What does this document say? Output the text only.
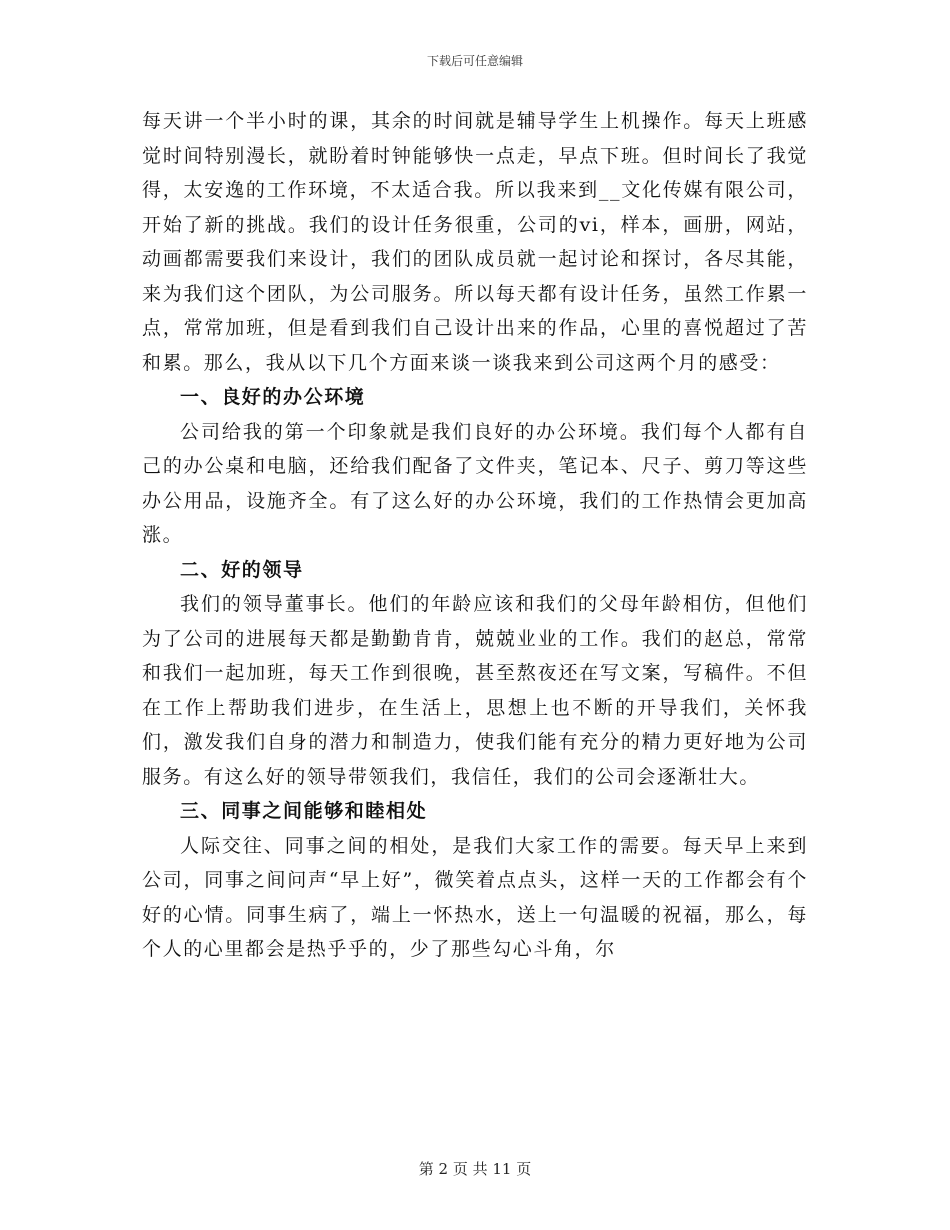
下载后可任意编辑

每天讲一个半小时的课，其余的时间就是辅导学生上机操作。每天上班感觉时间特别漫长，就盼着时钟能够快一点走，早点下班。但时间长了我觉得，太安逸的工作环境，不太适合我。所以我来到__文化传媒有限公司，开始了新的挑战。我们的设计任务很重，公司的vi，样本，画册，网站，动画都需要我们来设计，我们的团队成员就一起讨论和探讨，各尽其能，来为我们这个团队，为公司服务。所以每天都有设计任务，虽然工作累一点，常常加班，但是看到我们自己设计出来的作品，心里的喜悦超过了苦和累。那么，我从以下几个方面来谈一谈我来到公司这两个月的感受：

一、良好的办公环境

公司给我的第一个印象就是我们良好的办公环境。我们每个人都有自己的办公桌和电脑，还给我们配备了文件夹，笔记本、尺子、剪刀等这些办公用品，设施齐全。有了这么好的办公环境，我们的工作热情会更加高涨。

二、好的领导

我们的领导董事长。他们的年龄应该和我们的父母年龄相仿，但他们为了公司的进展每天都是勤勤肯肯，兢兢业业的工作。我们的赵总，常常和我们一起加班，每天工作到很晚，甚至熬夜还在写文案，写稿件。不但在工作上帮助我们进步，在生活上，思想上也不断的开导我们，关怀我们，激发我们自身的潜力和制造力，使我们能有充分的精力更好地为公司服务。有这么好的领导带领我们，我信任，我们的公司会逐渐壮大。

三、同事之间能够和睦相处

人际交往、同事之间的相处，是我们大家工作的需要。每天早上来到公司，同事之间问声“早上好”，微笑着点点头，这样一天的工作都会有个好的心情。同事生病了，端上一怀热水，送上一句温暖的祝福，那么，每个人的心里都会是热乎乎的，少了那些勾心斗角，尔

第 2 页 共 11 页
